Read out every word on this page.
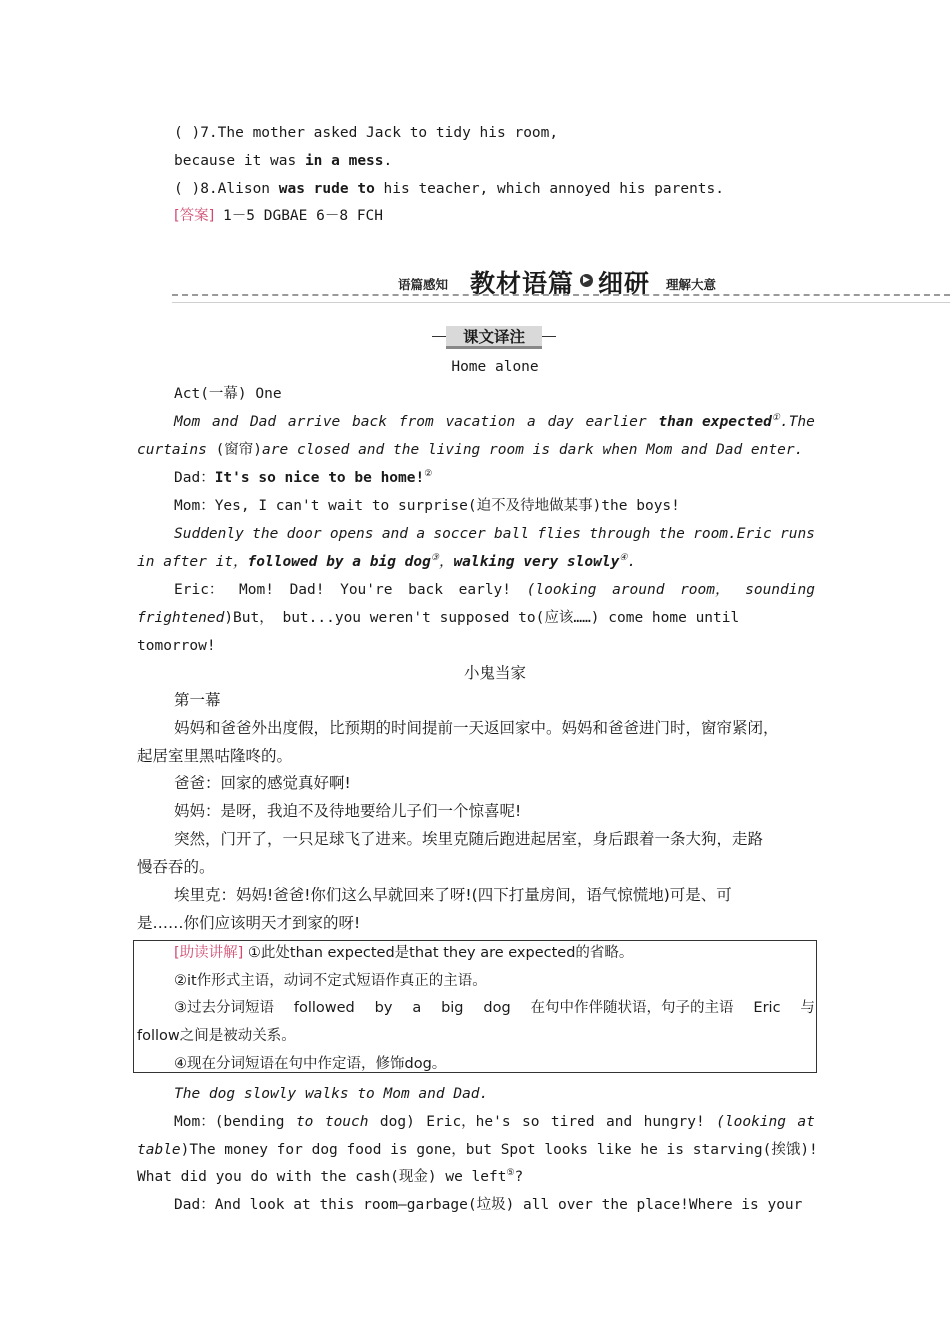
( )7.The mother asked Jack to tidy his room,
because it was in a mess.
( )8.Alison was rude to his teacher, which annoyed his parents.
[答案] 1－5 DGBAE 6－8 FCH
语篇感知 教材语篇	▶ 细研 理解大意
课文译注
Home alone
Act(一幕) One
Mom and Dad arrive back from vacation a day earlier than expected①.The
curtains (窗帘)are closed and the living room is dark when Mom and Dad enter.
Dad：It's so nice to be home!②
Mom：Yes, I can't wait to surprise(迫不及待地做某事)the boys!
Suddenly the door opens and a soccer ball flies through the room.Eric runs
in after it，followed by a big dog③，walking very slowly④.
Eric： Mom! Dad! You're back early! (looking around room， sounding
frightened)But， but...you weren't supposed to(应该……) come home until
tomorrow!
小鬼当家
第一幕
妈妈和爸爸外出度假，比预期的时间提前一天返回家中。妈妈和爸爸进门时，窗帘紧闭，
起居室里黑咕隆咚的。
爸爸：回家的感觉真好啊!
妈妈：是呀，我迫不及待地要给儿子们一个惊喜呢!
突然，门开了，一只足球飞了进来。埃里克随后跑进起居室，身后跟着一条大狗，走路
慢吞吞的。
埃里克：妈妈!爸爸!你们这么早就回来了呀!(四下打量房间，语气惊慌地)可是、可
是……你们应该明天才到家的呀!
[助读讲解] ①此处than expected是that they are expected的省略。
②it作形式主语，动词不定式短语作真正的主语。
③过去分词短语 followed by a big dog 在句中作伴随状语，句子的主语 Eric 与
follow之间是被动关系。
④现在分词短语在句中作定语，修饰dog。
The dog slowly walks to Mom and Dad.
Mom：(bending to touch dog) Eric，he's so tired and hungry! (looking at
table)The money for dog food is gone，but Spot looks like he is starving(挨饿)!
What did you do with the cash(现金) we left⑤?
Dad：And look at this room—garbage(垃圾) all over the place!Where is your
